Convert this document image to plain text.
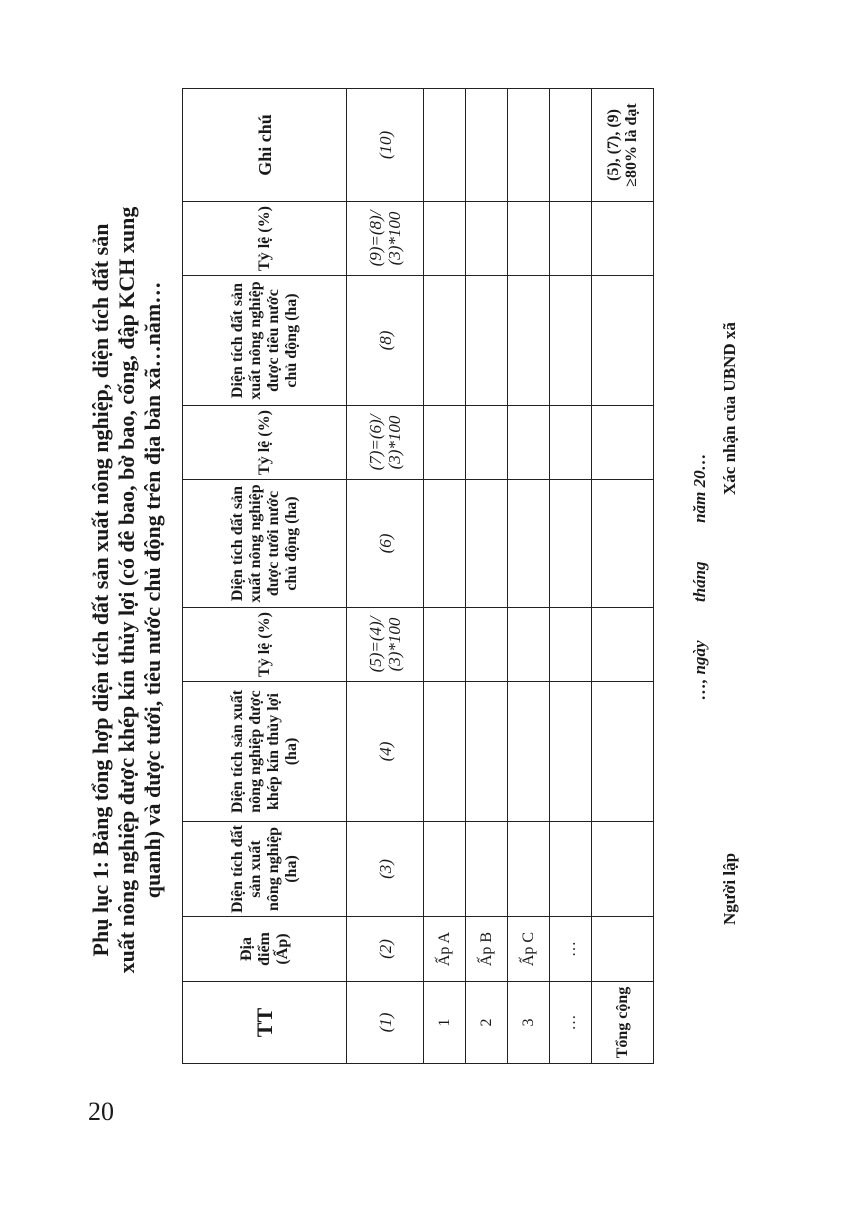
Phụ lục 1: Bảng tổng hợp diện tích đất sản xuất nông nghiệp, diện tích đất sản xuất nông nghiệp được khép kín thủy lợi (có đê bao, bờ bao, cống, đập KCH xung quanh) và được tưới, tiêu nước chủ động trên địa bàn xã…năm…
TT	Địa điểm (Ấp)	Diện tích đất sản xuất nông nghiệp (ha)	Diện tích sản xuất nông nghiệp được khép kín thủy lợi (ha)	Tỷ lệ (%)	Diện tích đất sản xuất nông nghiệp được tưới nước chủ động (ha)	Tỷ lệ (%)	Diện tích đất sản xuất nông nghiệp được tiêu nước chủ động (ha)	Tỷ lệ (%)	Ghi chú
(1)	(2)	(3)	(4)	(5)=(4)/ (3)*100	(6)	(7)=(6)/ (3)*100	(8)	(9)=(8)/ (3)*100	(10)
1	Ấp A								
2	Ấp B								
3	Ấp C								
…	…								
Tổng cộng									(5), (7), (9) ≥80% là đạt
…, ngày  tháng  năm 20… Xác nhận của UBND xã
Người lập
20
